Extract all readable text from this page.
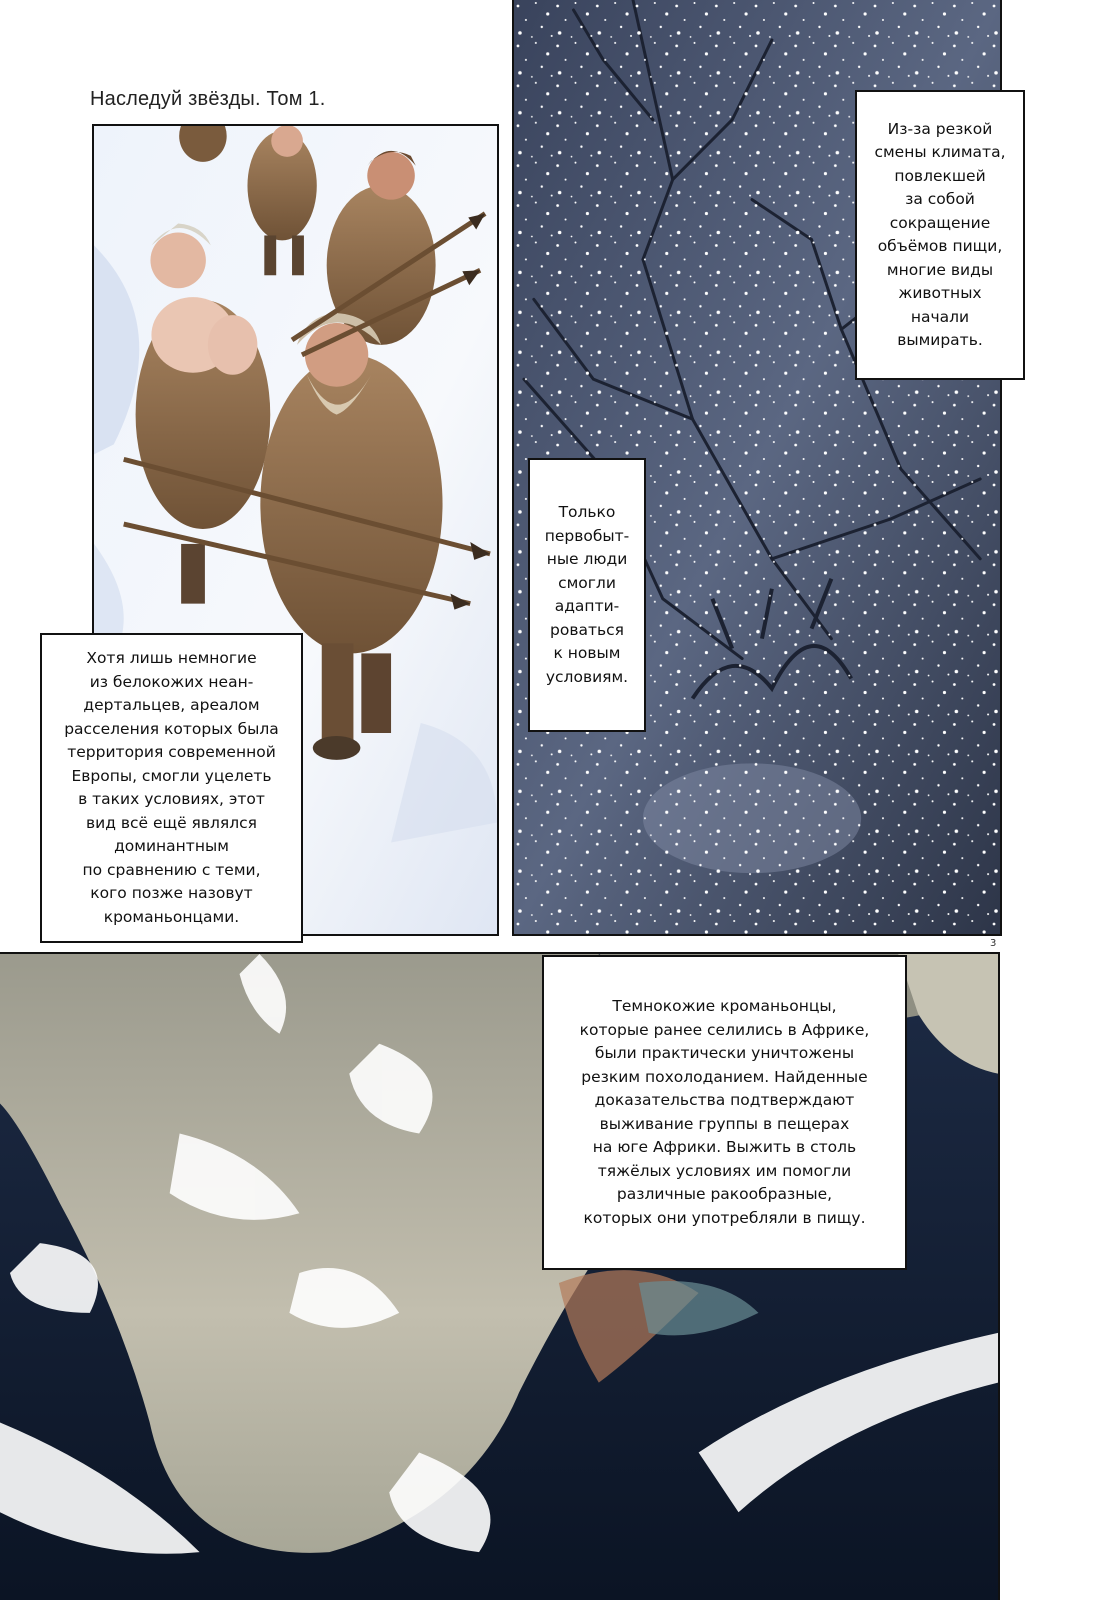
Наследуй звёзды. Том 1.
3
Из-за резкой
смены климата,
повлекшей
за собой
сокращение
объёмов пищи,
многие виды
животных
начали
вымирать.
Только
первобыт-
ные люди
смогли
адапти-
роваться
к новым
условиям.
Хотя лишь немногие
из белокожих неан-
дертальцев, ареалом
расселения которых была
территория современной
Европы, смогли уцелеть
в таких условиях, этот
вид всё ещё являлся
доминантным
по сравнению с теми,
кого позже назовут
кроманьонцами.
Темнокожие кроманьонцы,
которые ранее селились в Африке,
были практически уничтожены
резким похолоданием. Найденные
доказательства подтверждают
выживание группы в пещерах
на юге Африки. Выжить в столь
тяжёлых условиях им помогли
различные ракообразные,
которых они употребляли в пищу.
